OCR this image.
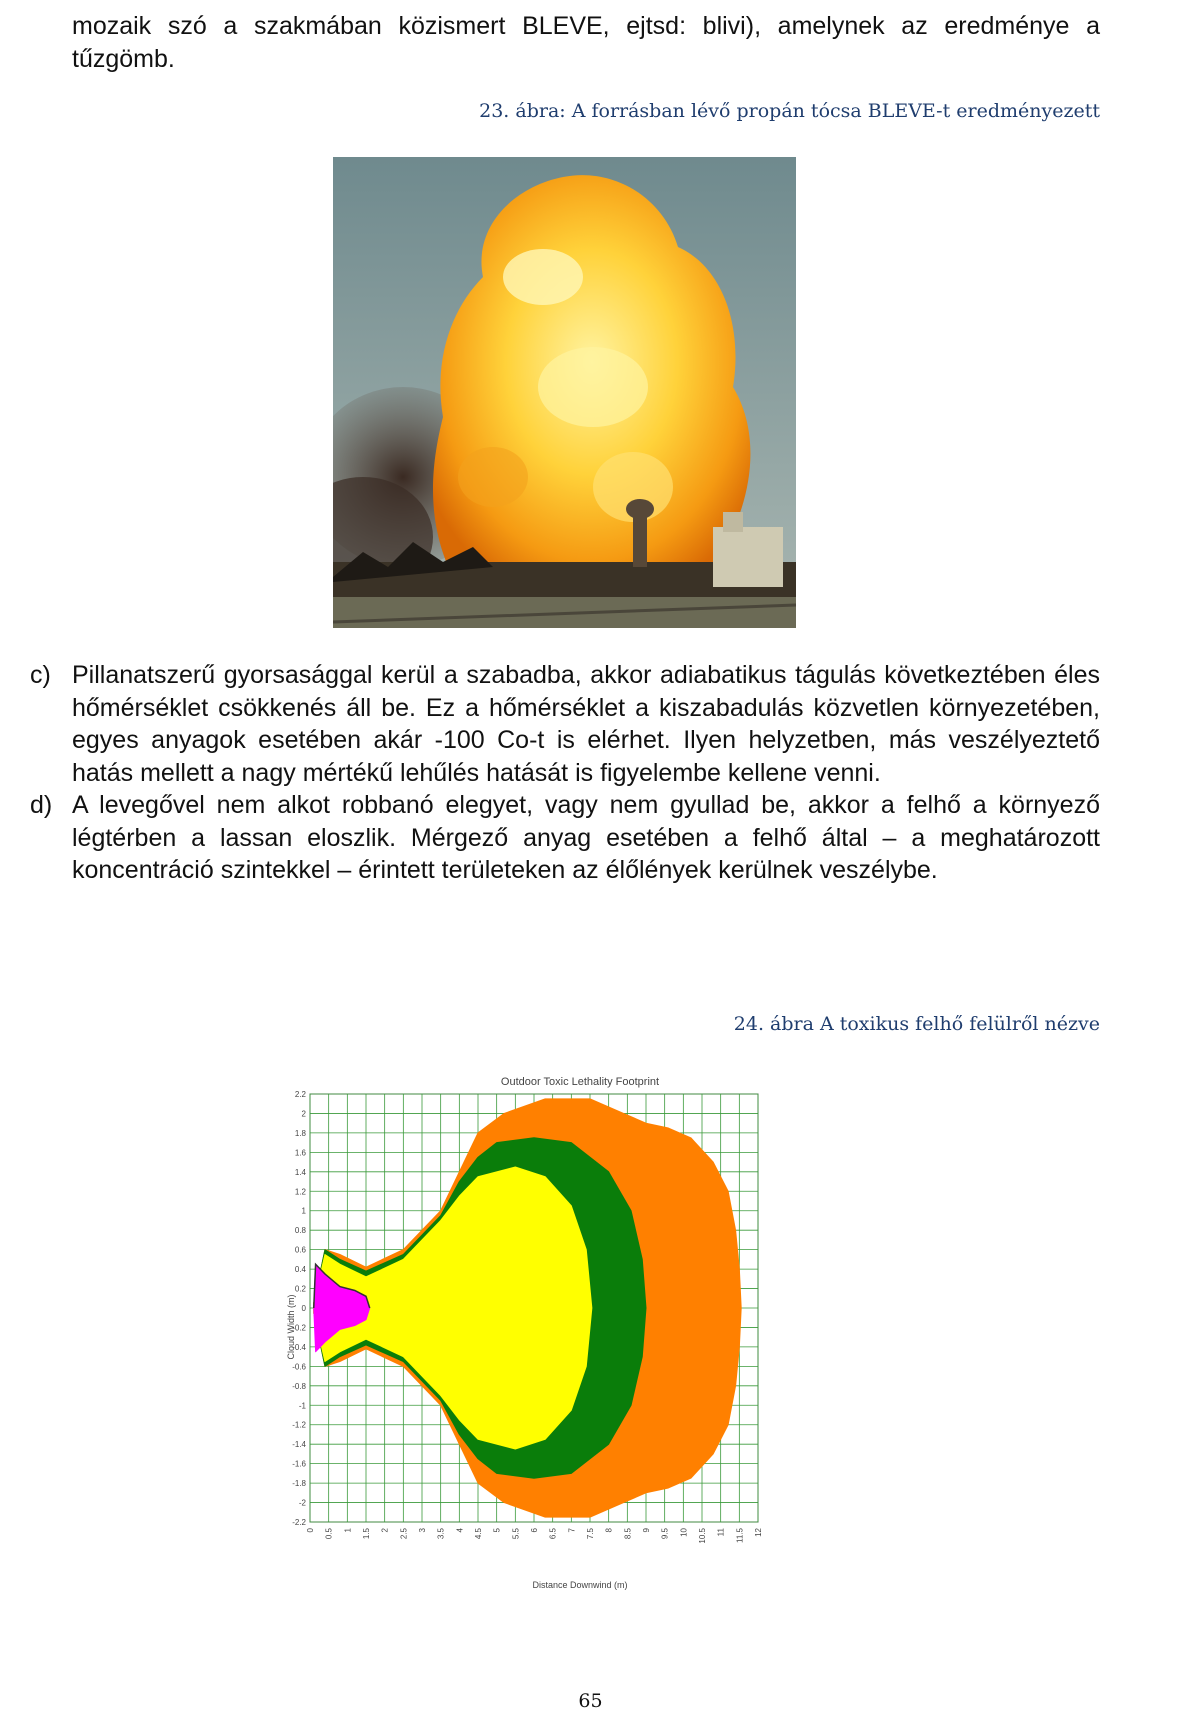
mozaik szó a szakmában közismert BLEVE, ejtsd: blivi), amelynek az eredménye a tűzgömb.
23. ábra: A forrásban lévő propán tócsa BLEVE-t eredményezett
c) Pillanatszerű gyorsasággal kerül a szabadba, akkor adiabatikus tágulás következtében éles hőmérséklet csökkenés áll be. Ez a hőmérséklet a kiszabadulás közvetlen környezetében, egyes anyagok esetében akár -100 Co-t is elérhet. Ilyen helyzetben, más veszélyeztető hatás mellett a nagy mértékű lehűlés hatását is figyelembe kellene venni.
d) A levegővel nem alkot robbanó elegyet, vagy nem gyullad be, akkor a felhő a környező légtérben a lassan eloszlik. Mérgező anyag esetében a felhő által – a meghatározott koncentráció szintekkel – érintett területeken az élőlények kerülnek veszélybe.
24. ábra A toxikus felhő felülről nézve
0 0.5 1 1.5 2 2.5 3 3.5 4 4.5 5 5.5 6 6.5 7 7.5 8 8.5 9 9.5 10 10.5 11 11.5 12
2.2
2
1.8
1.6
1.4
1.2
1
0.8
0.6
0.4
0.2
0
-0.2
-0.4
-0.6
-0.8
-1
-1.2
-1.4
-1.6
-1.8
-2
-2.2
Outdoor Toxic Lethality Footprint
Distance Downwind (m)
Cloud Width (m)
65
